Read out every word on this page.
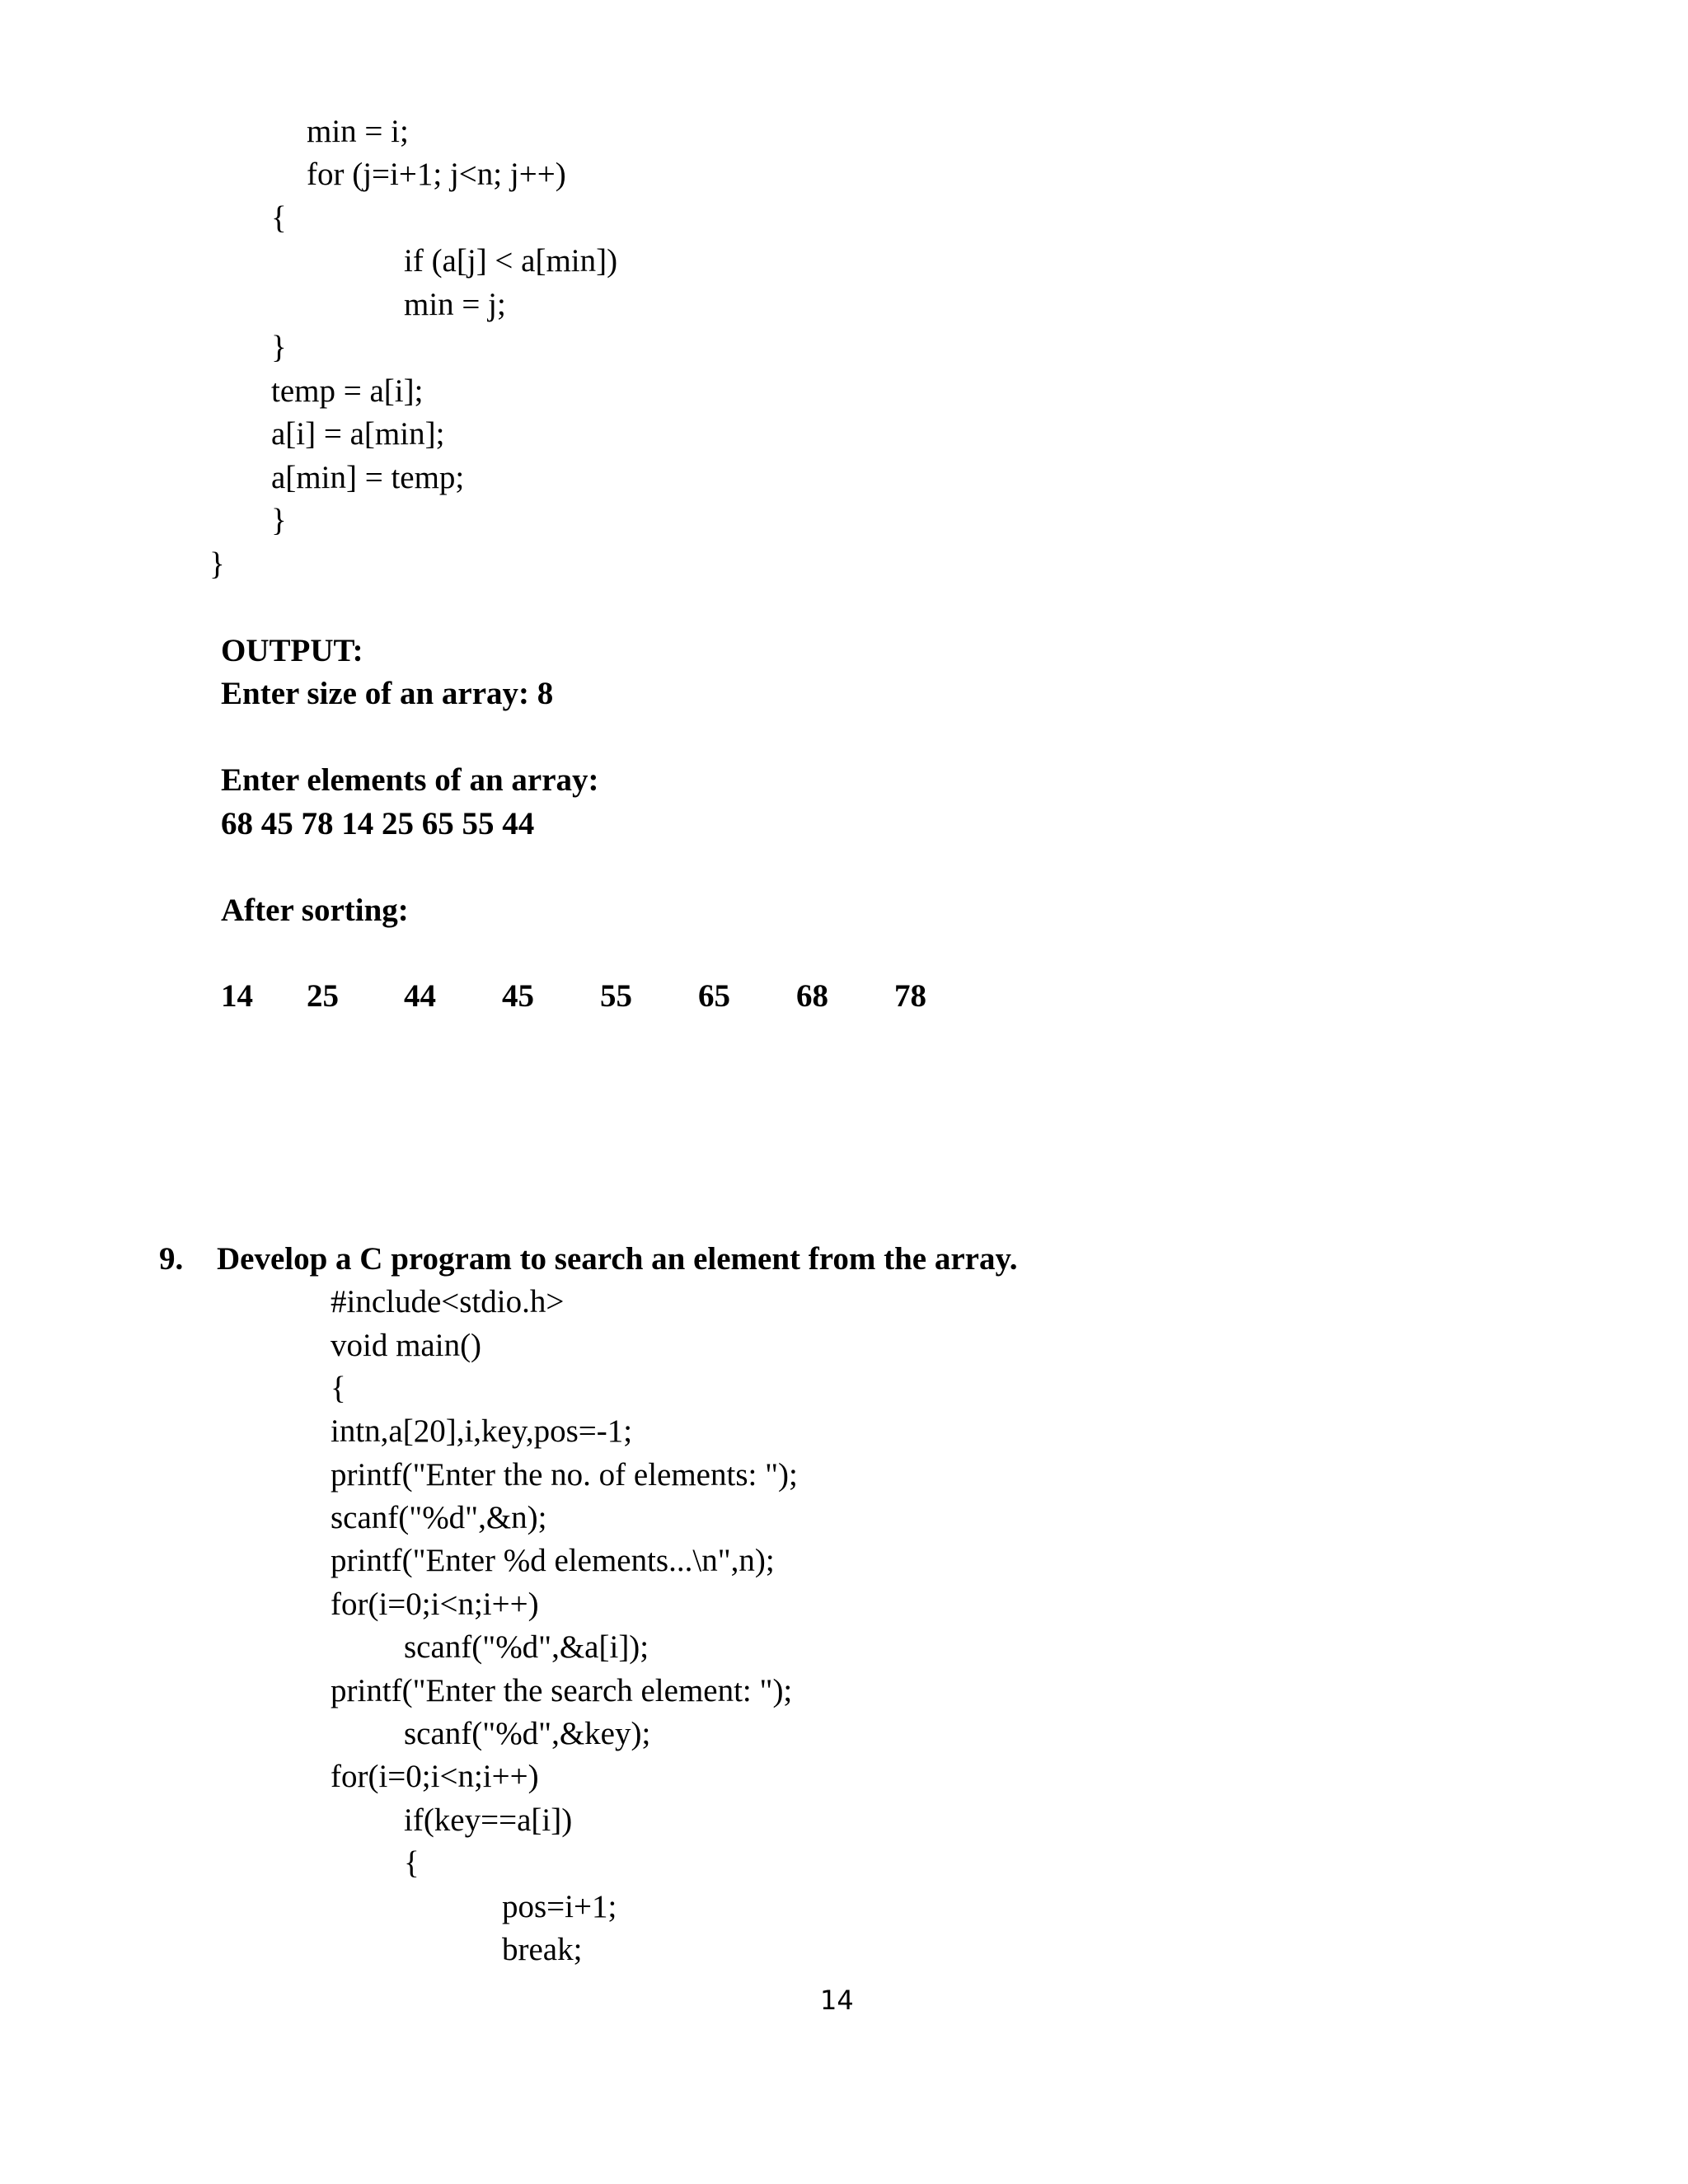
min = i;
for (j=i+1; j<n; j++)
{
if (a[j] < a[min])
min = j;
}
temp = a[i];
a[i] = a[min];
a[min] = temp;
}
}
OUTPUT:
Enter size of an array: 8
Enter elements of an array:
68 45 78 14 25 65 55 44
After sorting:
14 25 44 45 55 65 68 78
9. Develop a C program to search an element from the array.
#include<stdio.h>
void main()
{
intn,a[20],i,key,pos=-1;
printf("Enter the no. of elements: ");
scanf("%d",&n);
printf("Enter %d elements...\n",n);
for(i=0;i<n;i++)
scanf("%d",&a[i]);
printf("Enter the search element: ");
scanf("%d",&key);
for(i=0;i<n;i++)
if(key==a[i])
{
pos=i+1;
break;
14
